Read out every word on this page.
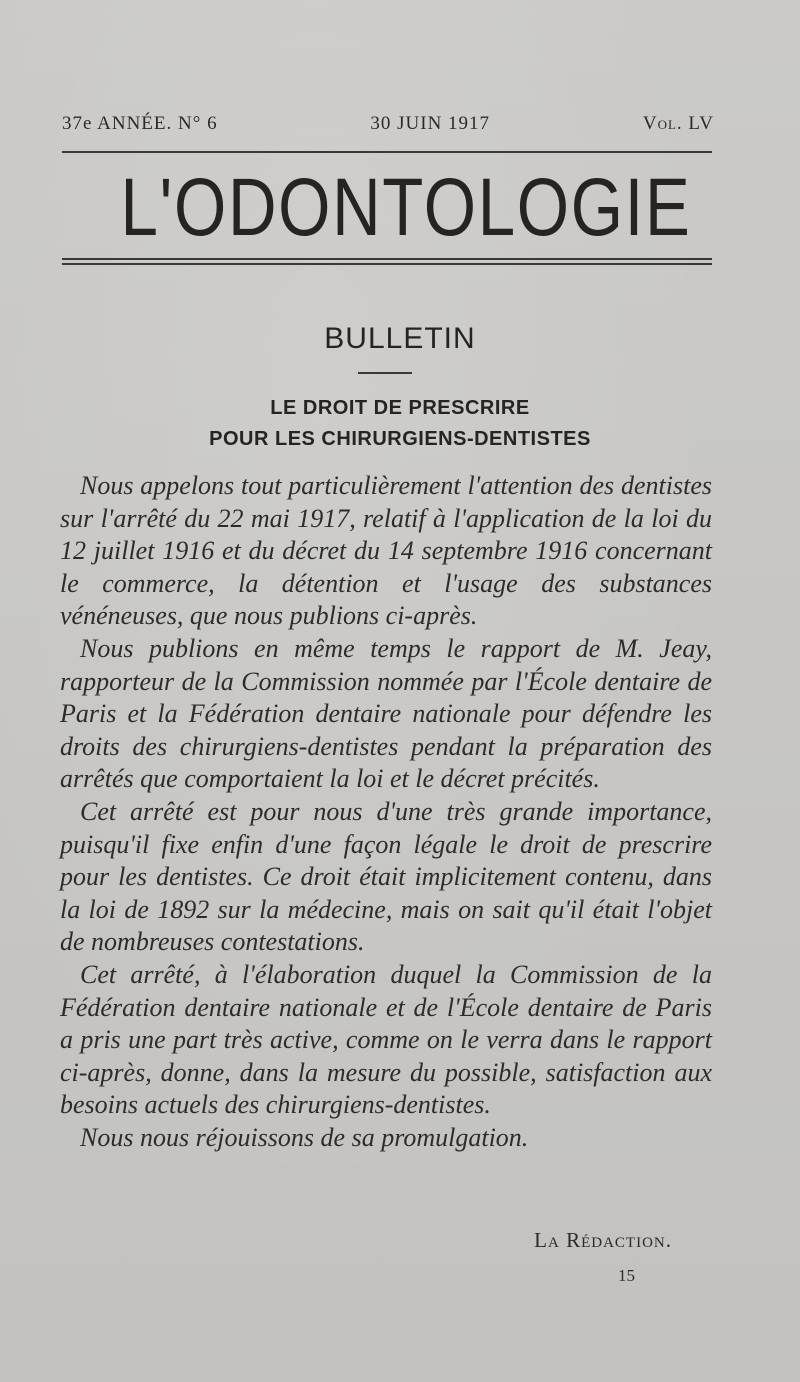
37e ANNÉE. N° 6	30 JUIN 1917	Vol. LV
L'ODONTOLOGIE
BULLETIN
LE DROIT DE PRESCRIRE
POUR LES CHIRURGIENS-DENTISTES

Nous appelons tout particulièrement l'attention des dentistes sur l'arrêté du 22 mai 1917, relatif à l'application de la loi du 12 juillet 1916 et du décret du 14 septembre 1916 concernant le commerce, la détention et l'usage des substances vénéneuses, que nous publions ci-après.

Nous publions en même temps le rapport de M. Jeay, rapporteur de la Commission nommée par l'École dentaire de Paris et la Fédération dentaire nationale pour défendre les droits des chirurgiens-dentistes pendant la préparation des arrêtés que comportaient la loi et le décret précités.

Cet arrêté est pour nous d'une très grande importance, puisqu'il fixe enfin d'une façon légale le droit de prescrire pour les dentistes. Ce droit était implicitement contenu, dans la loi de 1892 sur la médecine, mais on sait qu'il était l'objet de nombreuses contestations.

Cet arrêté, à l'élaboration duquel la Commission de la Fédération dentaire nationale et de l'École dentaire de Paris a pris une part très active, comme on le verra dans le rapport ci-après, donne, dans la mesure du possible, satisfaction aux besoins actuels des chirurgiens-dentistes.

Nous nous réjouissons de sa promulgation.

La Rédaction.
15
